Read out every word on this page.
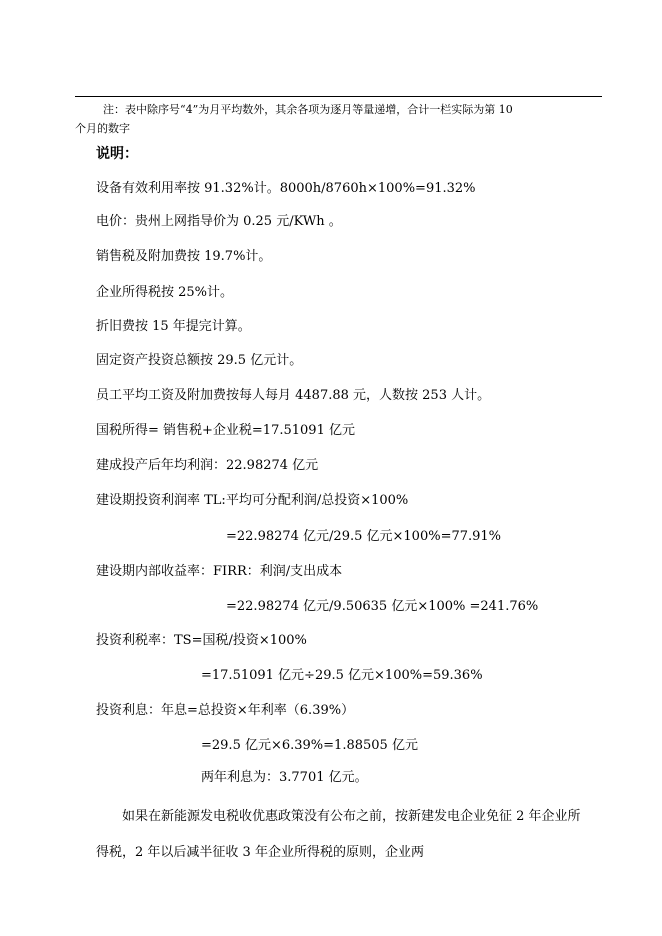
注：表中除序号“4”为月平均数外，其余各项为逐月等量递增，合计一栏实际为第 10
个月的数字
说明：
设备有效利用率按 91.32%计。8000h/8760h×100%=91.32%
电价：贵州上网指导价为 0.25 元/KWh 。
销售税及附加费按 19.7%计。
企业所得税按 25%计。
折旧费按 15 年提完计算。
固定资产投资总额按 29.5 亿元计。
员工平均工资及附加费按每人每月 4487.88 元，人数按 253 人计。
国税所得= 销售税+企业税=17.51091 亿元
建成投产后年均利润：22.98274 亿元
建设期投资利润率 TL:平均可分配利润/总投资×100%
=22.98274 亿元/29.5 亿元×100%=77.91%
建设期内部收益率：FIRR：利润/支出成本
=22.98274 亿元/9.50635 亿元×100% =241.76%
投资利税率：TS=国税/投资×100%
=17.51091 亿元÷29.5 亿元×100%=59.36%
投资利息：年息=总投资×年利率（6.39%）
=29.5 亿元×6.39%=1.88505 亿元
两年利息为：3.7701 亿元。
如果在新能源发电税收优惠政策没有公布之前，按新建发电企业免征 2 年企业所得税，2 年以后减半征收 3 年企业所得税的原则，企业两
